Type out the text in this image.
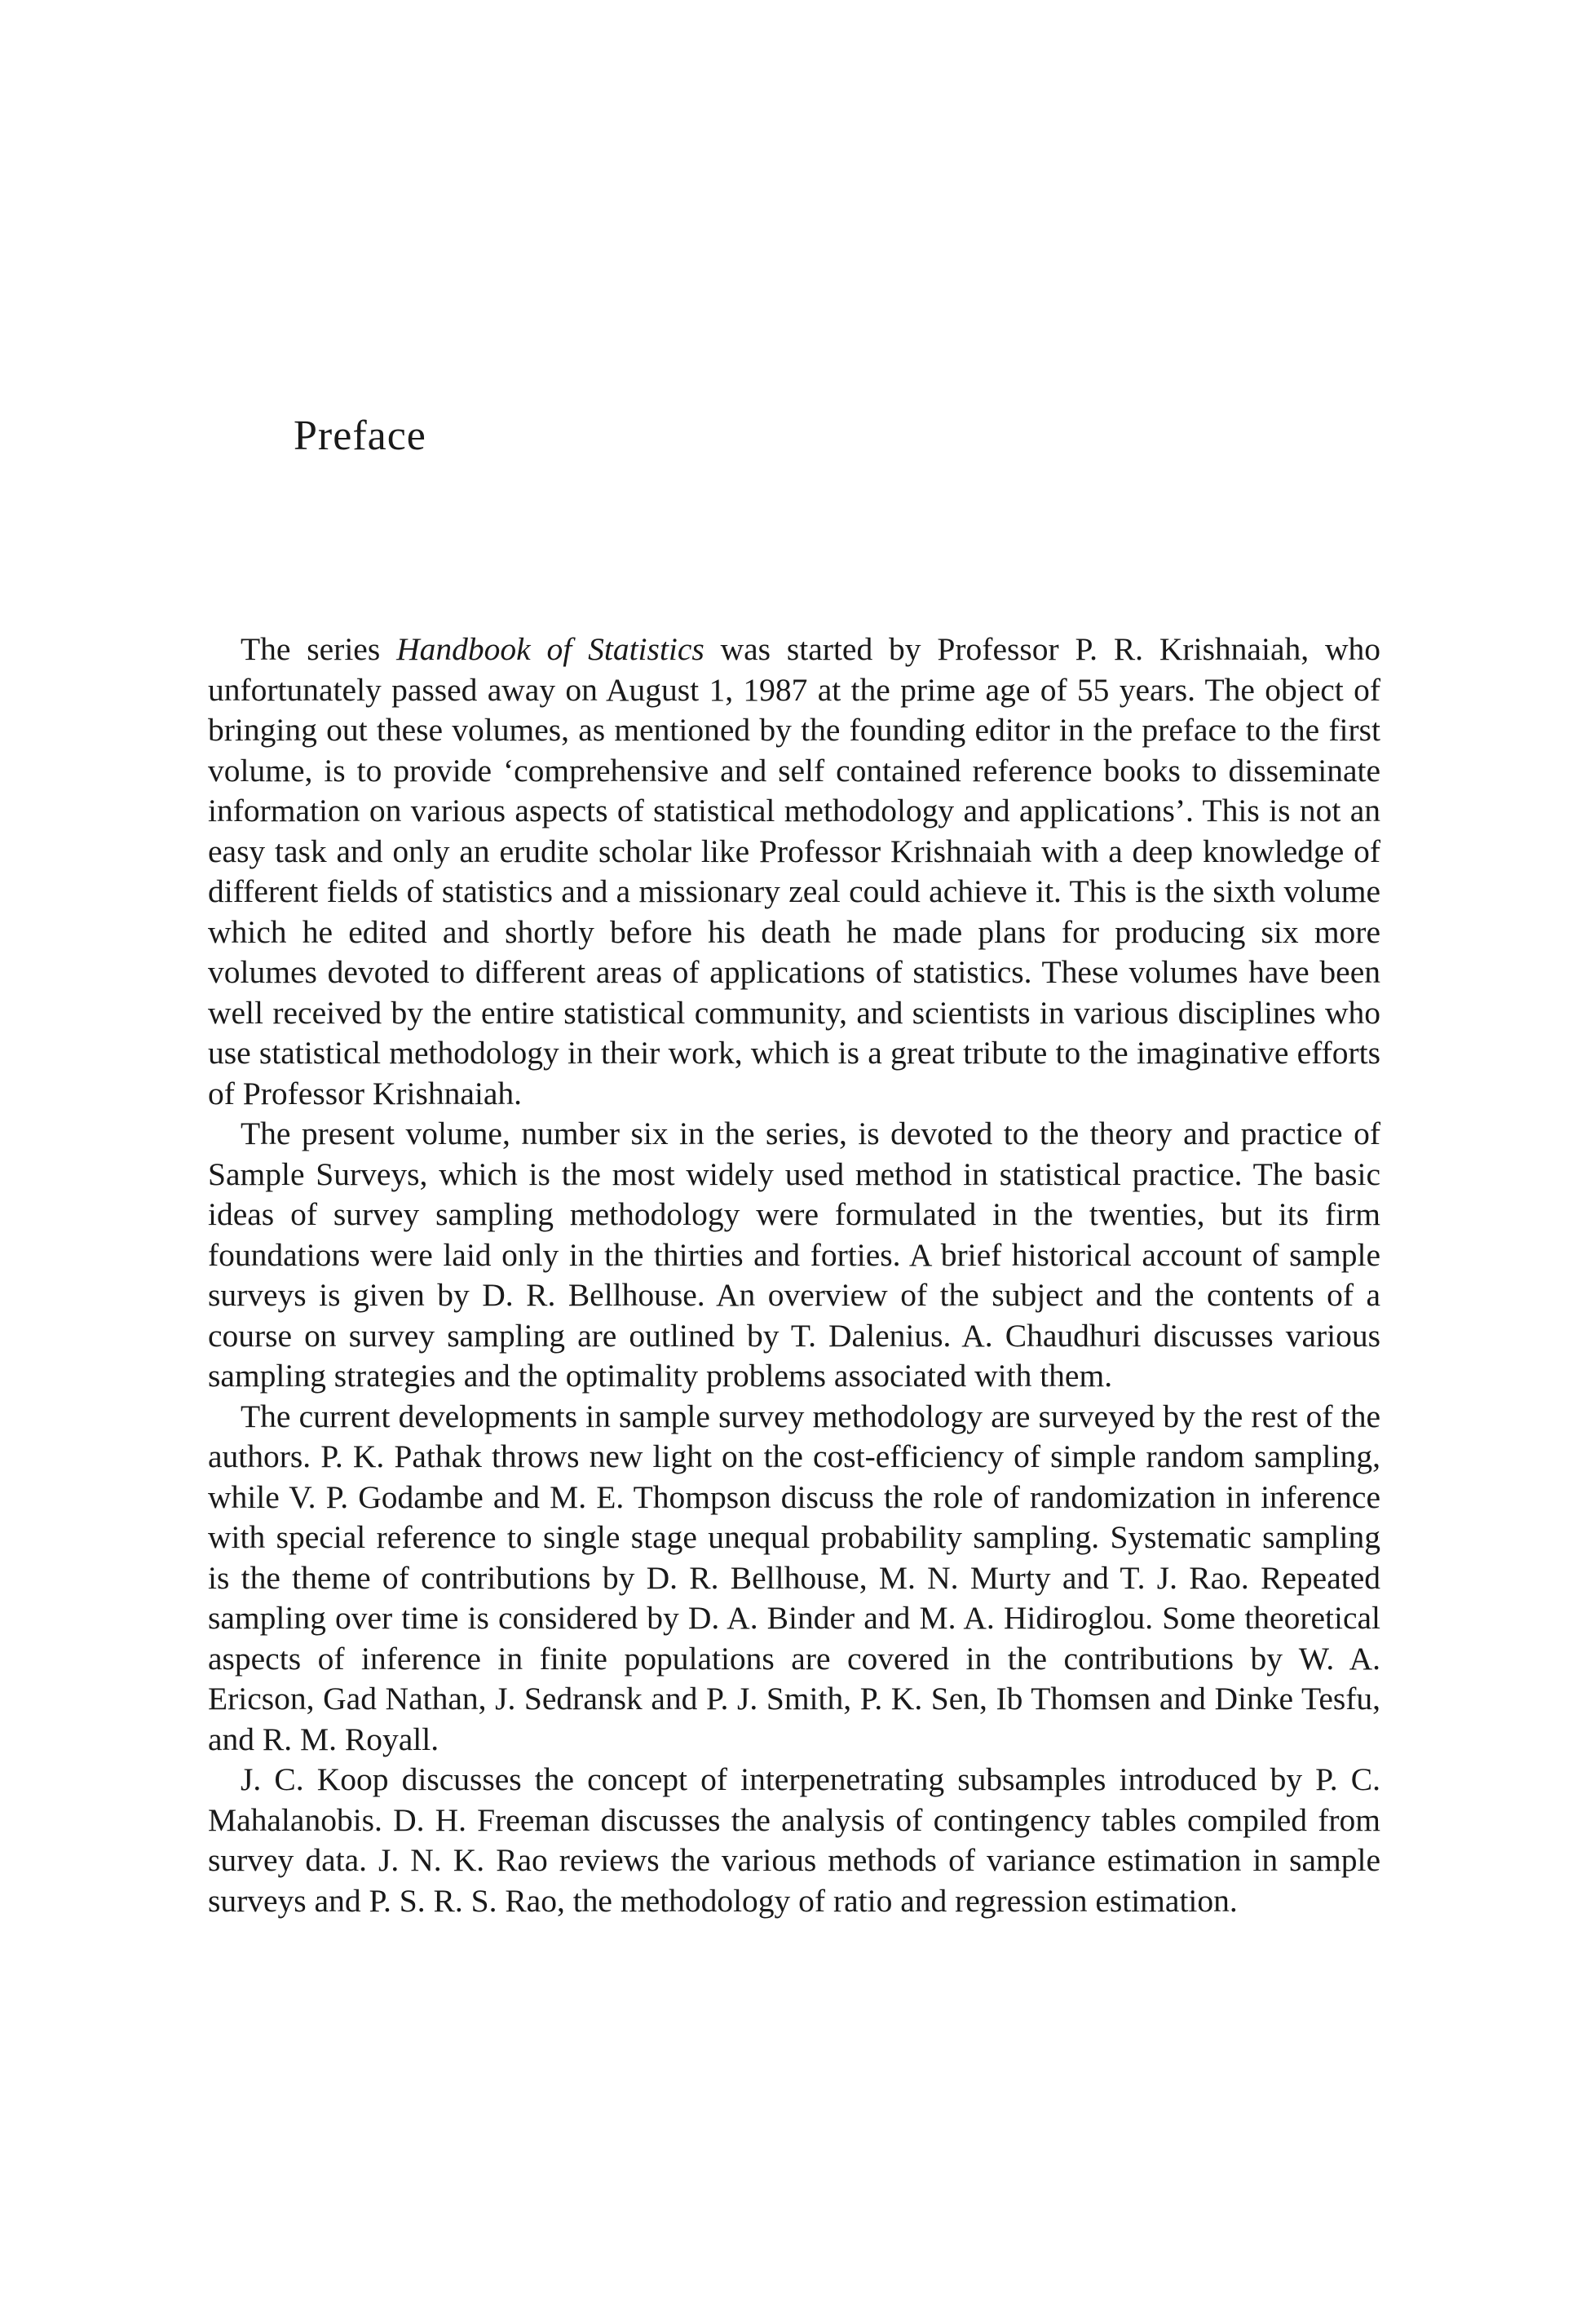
Preface

The series Handbook of Statistics was started by Professor P. R. Krishnaiah, who unfortunately passed away on August 1, 1987 at the prime age of 55 years. The object of bringing out these volumes, as mentioned by the founding editor in the preface to the first volume, is to provide ‘comprehensive and self contained reference books to disseminate information on various aspects of statistical methodology and applications’. This is not an easy task and only an erudite scholar like Professor Krishnaiah with a deep knowledge of different fields of statistics and a missionary zeal could achieve it. This is the sixth volume which he edited and shortly before his death he made plans for producing six more volumes devoted to different areas of applications of statistics. These volumes have been well received by the entire statistical community, and scientists in various disciplines who use statistical methodology in their work, which is a great tribute to the imaginative efforts of Professor Krishnaiah.

The present volume, number six in the series, is devoted to the theory and practice of Sample Surveys, which is the most widely used method in statistical practice. The basic ideas of survey sampling methodology were formulated in the twenties, but its firm foundations were laid only in the thirties and forties. A brief historical account of sample surveys is given by D. R. Bellhouse. An overview of the subject and the contents of a course on survey sampling are outlined by T. Dalenius. A. Chaudhuri discusses various sampling strategies and the optimality problems associated with them.

The current developments in sample survey methodology are surveyed by the rest of the authors. P. K. Pathak throws new light on the cost-efficiency of simple random sampling, while V. P. Godambe and M. E. Thompson discuss the role of randomization in inference with special reference to single stage unequal probability sampling. Systematic sampling is the theme of contributions by D. R. Bellhouse, M. N. Murty and T. J. Rao. Repeated sampling over time is considered by D. A. Binder and M. A. Hidiroglou. Some theoretical aspects of inference in finite populations are covered in the contributions by W. A. Ericson, Gad Nathan, J. Sedransk and P. J. Smith, P. K. Sen, Ib Thomsen and Dinke Tesfu, and R. M. Royall.

J. C. Koop discusses the concept of interpenetrating subsamples introduced by P. C. Mahalanobis. D. H. Freeman discusses the analysis of contingency tables compiled from survey data. J. N. K. Rao reviews the various methods of variance estimation in sample surveys and P. S. R. S. Rao, the methodology of ratio and regression estimation.
